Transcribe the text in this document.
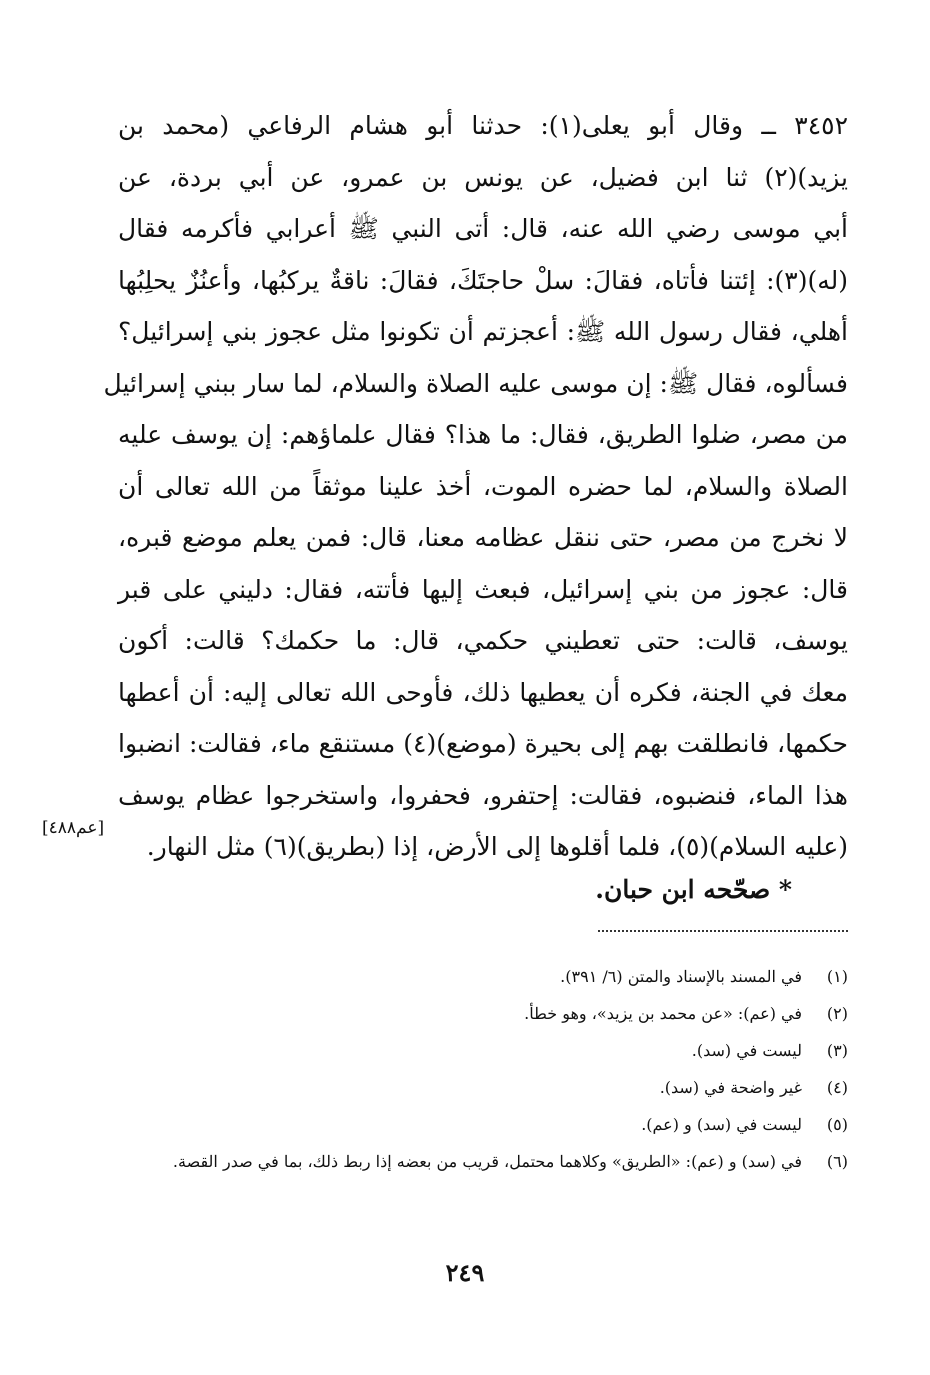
٣٤٥٢ ــ وقال أبو يعلى(١): حدثنا أبو هشام الرفاعي (محمد بن
يزيد)(٢) ثنا ابن فضيل، عن يونس بن عمرو، عن أبي بردة، عن
أبي موسى رضي الله عنه، قال: أتى النبي ﷺ أعرابي فأكرمه فقال
(له)(٣): إئتنا فأتاه، فقالَ: سلْ حاجتَكَ، فقالَ: ناقةٌ يركبُها، وأعنُزٌ يحلِبُها
أهلي، فقال رسول الله ﷺ: أعجزتم أن تكونوا مثل عجوز بني إسرائيل؟
فسألوه، فقال ﷺ: إن موسى عليه الصلاة والسلام، لما سار ببني إسرائيل
من مصر، ضلوا الطريق، فقال: ما هذا؟ فقال علماؤهم: إن يوسف عليه
الصلاة والسلام، لما حضره الموت، أخذ علينا موثقاً من الله تعالى أن
لا نخرج من مصر، حتى ننقل عظامه معنا، قال: فمن يعلم موضع قبره،
قال: عجوز من بني إسرائيل، فبعث إليها فأتته، فقال: دليني على قبر
يوسف، قالت: حتى تعطيني حكمي، قال: ما حكمك؟ قالت: أكون
معك في الجنة، فكره أن يعطيها ذلك، فأوحى الله تعالى إليه: أن أعطها
حكمها، فانطلقت بهم إلى بحيرة (موضع)(٤) مستنقع ماء، فقالت: انضبوا
هذا الماء، فنضبوه، فقالت: إحتفرو، فحفروا، واستخرجوا عظام يوسف
(عليه السلام)(٥)، فلما أقلوها إلى الأرض، إذا (بطريق)(٦) مثل النهار.
[عم٤٨٨]
* صحّحه ابن حبان.
(١)
في المسند بالإسناد والمتن (٦/ ٣٩١).
(٢)
في (عم): «عن محمد بن يزيد»، وهو خطأ.
(٣)
ليست في (سد).
(٤)
غير واضحة في (سد).
(٥)
ليست في (سد) و (عم).
(٦)
في (سد) و (عم): «الطريق» وكلاهما محتمل، قريب من بعضه إذا ربط ذلك، بما في صدر القصة.
٢٤٩
